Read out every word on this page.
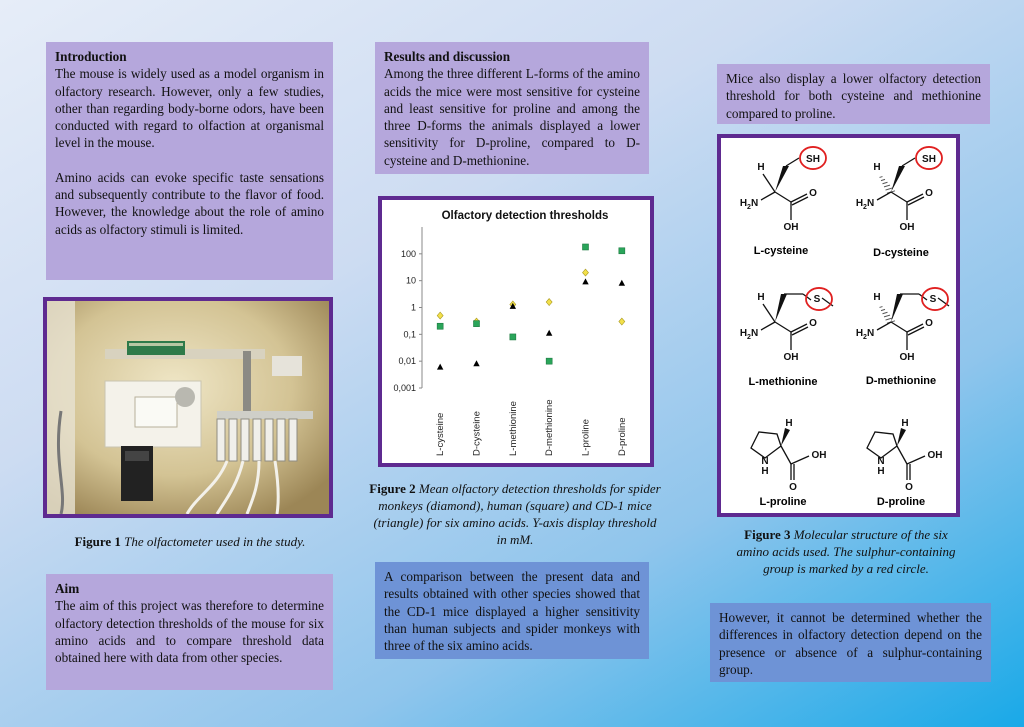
Introduction

The mouse is widely used as a model organism in olfactory research. However, only a few studies, other than regarding body-borne odors, have been conducted with regard to olfaction at organismal level in the mouse.

Amino acids can evoke specific taste sensations and subsequently contribute to the flavor of food. However, the knowledge about the role of amino acids as olfactory stimuli is limited.

Figure 1 The olfactometer used in the study.
Aim

The aim of this project was therefore to determine olfactory detection thresholds of the mouse for six amino acids and to compare threshold data obtained here with data from other species.

Results and discussion

Among the three different L-forms of the amino acids the mice were most sensitive for cysteine and least sensitive for proline and among the three D-forms the animals displayed a lower sensitivity for D-proline, compared to D-cysteine and D-methionine.

Olfactory detection thresholds
0,001
0,01
0,1
1
10
100
L-cysteine	D-cysteine	L-methionine	D-methionine	L-proline	D-proline
Figure 2 Mean olfactory detection thresholds for spider monkeys (diamond), human (square) and CD-1 mice (triangle) for six amino acids. Y-axis display threshold in mM.

A comparison between the present data and results obtained with other species showed that the CD-1 mice displayed a higher sensitivity than human subjects and spider monkeys with three of the six amino acids.

Mice also display a lower olfactory detection threshold for both cysteine and methionine compared to proline.

H
SH
$H_2N$
O
OH
H
SH
$H_2N$
O
OH
H	S
$H_2N$
O
OH
H	S
$H_2N$
O
OH
N
H
H
O
OH
N
H
H
O
OH
L-cysteine	D-cysteine
L-methionine	D-methionine
L-proline	D-proline
Figure 3 Molecular structure of the six amino acids used. The sulphur-containing group is marked by a red circle.

However, it cannot be determined whether the differences in olfactory detection depend on the presence or absence of a sulphur-containing group.
